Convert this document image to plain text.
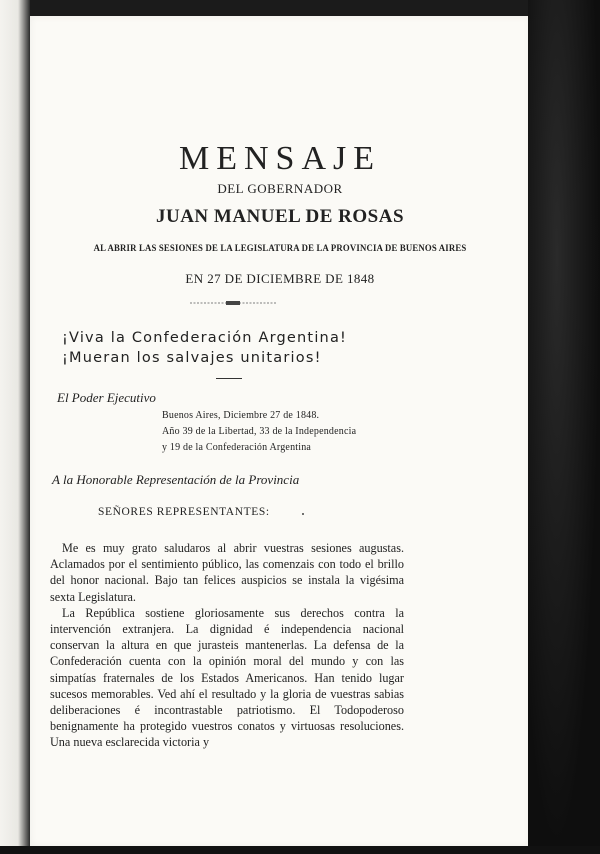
MENSAJE
DEL GOBERNADOR
JUAN MANUEL DE ROSAS
AL ABRIR LAS SESIONES DE LA LEGISLATURA DE LA PROVINCIA DE BUENOS AIRES
EN 27 DE DICIEMBRE DE 1848
¡Viva la Confederación Argentina!
¡Mueran los salvajes unitarios!
El Poder Ejecutivo
Buenos Aires, Diciembre 27 de 1848.
Año 39 de la Libertad, 33 de la Independencia
y 19 de la Confederación Argentina
A la Honorable Representación de la Provincia
SEÑORES REPRESENTANTES:

Me es muy grato saludaros al abrir vuestras sesiones augustas. Aclamados por el sentimiento público, las comenzais con todo el brillo del honor nacional. Bajo tan felices auspicios se instala la vigésima sexta Legislatura.

La República sostiene gloriosamente sus derechos contra la intervención extranjera. La dignidad é independencia nacional conservan la altura en que jurasteis mantenerlas. La defensa de la Confederación cuenta con la opinión moral del mundo y con las simpatías fraternales de los Estados Americanos. Han tenido lugar sucesos memorables. Ved ahí el resultado y la gloria de vuestras sabias deliberaciones é incontrastable patriotismo. El Todopoderoso benignamente ha protegido vuestros conatos y virtuosas resoluciones. Una nueva esclarecida victoria y
